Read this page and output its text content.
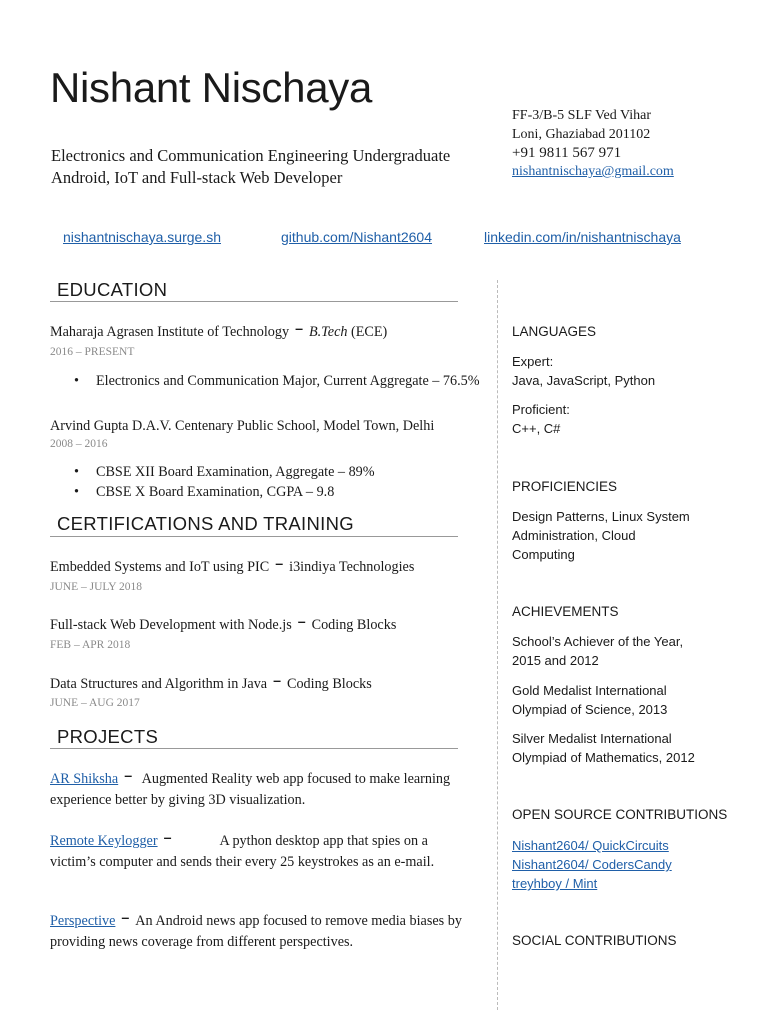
Nishant Nischaya
Electronics and Communication Engineering Undergraduate Android, IoT and Full-stack Web Developer
FF-3/B-5 SLF Ved Vihar
Loni, Ghaziabad 201102
+91 9811 567 971
nishantnischaya@gmail.com
nishantnischaya.surge.sh	github.com/Nishant2604	linkedin.com/in/nishantnischaya
EDUCATION
Maharaja Agrasen Institute of Technology – B.Tech (ECE)
2016 – PRESENT
• Electronics and Communication Major, Current Aggregate – 76.5%
Arvind Gupta D.A.V. Centenary Public School, Model Town, Delhi
2008 – 2016
• CBSE XII Board Examination, Aggregate – 89%
• CBSE X Board Examination, CGPA – 9.8
CERTIFICATIONS AND TRAINING
Embedded Systems and IoT using PIC – i3indiya Technologies
JUNE – JULY 2018
Full-stack Web Development with Node.js – Coding Blocks
FEB – APR 2018
Data Structures and Algorithm in Java – Coding Blocks
JUNE – AUG 2017
PROJECTS
AR Shiksha – Augmented Reality web app focused to make learning experience better by giving 3D visualization.
Remote Keylogger –	A python desktop app that spies on a victim’s computer and sends their every 25 keystrokes as an e-mail.
Perspective – An Android news app focused to remove media biases by providing news coverage from different perspectives.
LANGUAGES
Expert:
Java, JavaScript, Python
Proficient:
C++, C#
PROFICIENCIES
Design Patterns, Linux System Administration, Cloud Computing
ACHIEVEMENTS
School’s Achiever of the Year, 2015 and 2012
Gold Medalist International Olympiad of Science, 2013
Silver Medalist International Olympiad of Mathematics, 2012
OPEN SOURCE CONTRIBUTIONS
Nishant2604/ QuickCircuits
Nishant2604/ CodersCandy
treyhboy / Mint
SOCIAL CONTRIBUTIONS
